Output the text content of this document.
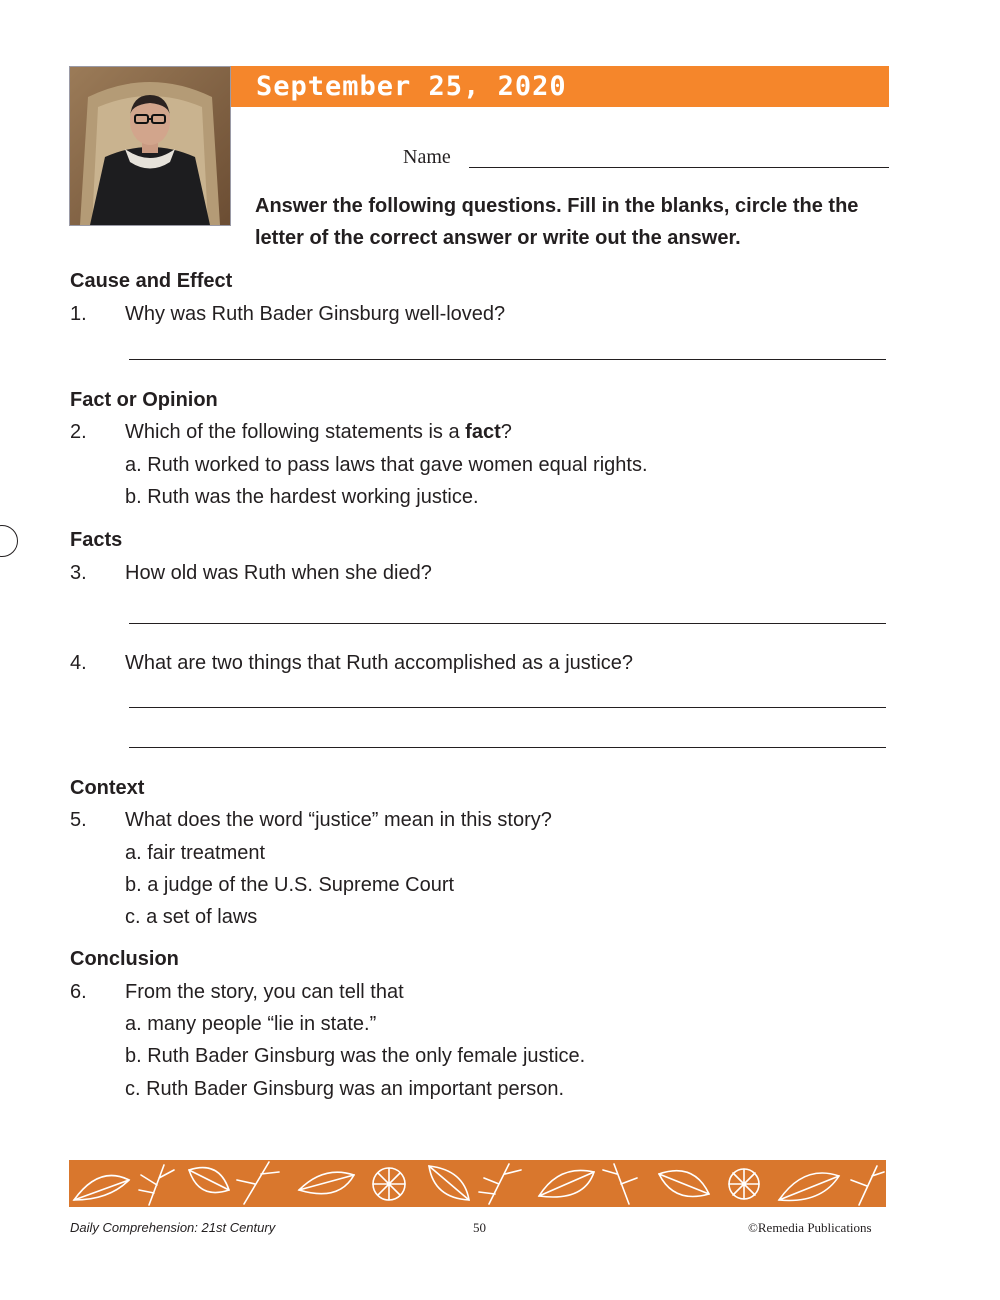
September 25, 2020
Name
Answer the following questions. Fill in the blanks, circle the the letter of the correct answer or write out the answer.
Cause and Effect
1. Why was Ruth Bader Ginsburg well-loved?
Fact or Opinion
2. Which of the following statements is a fact?
a. Ruth worked to pass laws that gave women equal rights.
b. Ruth was the hardest working justice.
Facts
3. How old was Ruth when she died?
4. What are two things that Ruth accomplished as a justice?
Context
5. What does the word “justice” mean in this story?
a. fair treatment
b. a judge of the U.S. Supreme Court
c. a set of laws
Conclusion
6. From the story, you can tell that
a. many people “lie in state.”
b. Ruth Bader Ginsburg was the only female justice.
c. Ruth Bader Ginsburg was an important person.
Daily Comprehension: 21st Century	50	©Remedia Publications
